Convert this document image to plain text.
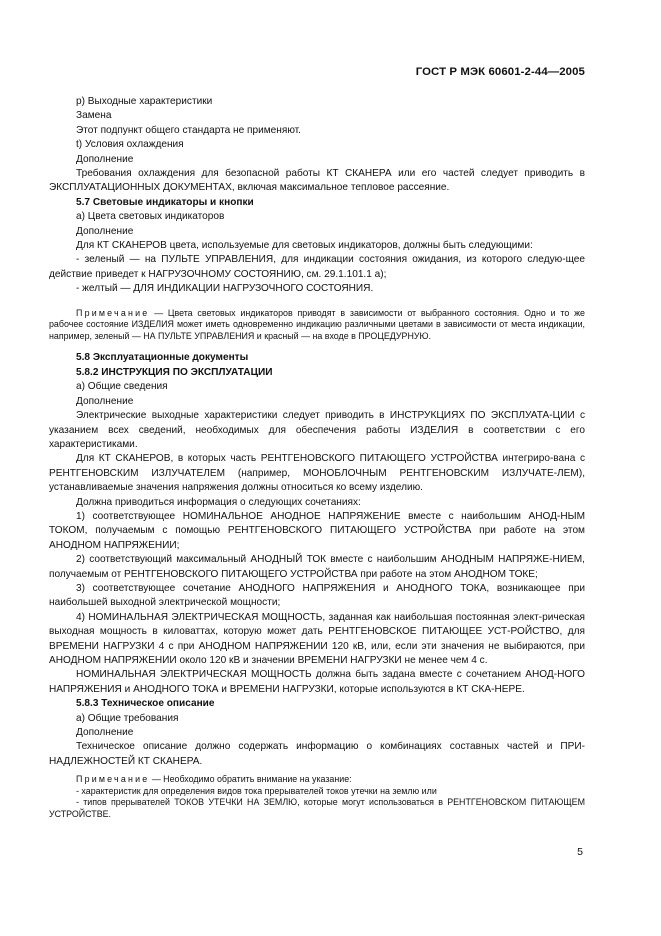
ГОСТ Р МЭК 60601-2-44—2005

p) Выходные характеристики

Замена

Этот подпункт общего стандарта не применяют.

t) Условия охлаждения

Дополнение

Требования охлаждения для безопасной работы КТ СКАНЕРА или его частей следует приводить в ЭКСПЛУАТАЦИОННЫХ ДОКУМЕНТАХ, включая максимальное тепловое рассеяние.

5.7 Световые индикаторы и кнопки

а) Цвета световых индикаторов

Дополнение

Для КТ СКАНЕРОВ цвета, используемые для световых индикаторов, должны быть следующими:

- зеленый — на ПУЛЬТЕ УПРАВЛЕНИЯ, для индикации состояния ожидания, из которого следую-щее действие приведет к НАГРУЗОЧНОМУ СОСТОЯНИЮ, см. 29.1.101.1 а);

- желтый — ДЛЯ ИНДИКАЦИИ НАГРУЗОЧНОГО СОСТОЯНИЯ.

Примечание — Цвета световых индикаторов приводят в зависимости от выбранного состояния. Одно и то же рабочее состояние ИЗДЕЛИЯ может иметь одновременно индикацию различными цветами в зависимости от места индикации, например, зеленый — НА ПУЛЬТЕ УПРАВЛЕНИЯ и красный — на входе в ПРОЦЕДУРНУЮ.

5.8 Эксплуатационные документы

5.8.2 ИНСТРУКЦИЯ ПО ЭКСПЛУАТАЦИИ

а) Общие сведения

Дополнение

Электрические выходные характеристики следует приводить в ИНСТРУКЦИЯХ ПО ЭКСПЛУАТА-ЦИИ с указанием всех сведений, необходимых для обеспечения работы ИЗДЕЛИЯ в соответствии с его характеристиками.

Для КТ СКАНЕРОВ, в которых часть РЕНТГЕНОВСКОГО ПИТАЮЩЕГО УСТРОЙСТВА интегриро-вана с РЕНТГЕНОВСКИМ ИЗЛУЧАТЕЛЕМ (например, МОНОБЛОЧНЫМ РЕНТГЕНОВСКИМ ИЗЛУЧАТЕ-ЛЕМ), устанавливаемые значения напряжения должны относиться ко всему изделию.

Должна приводиться информация о следующих сочетаниях:

1) соответствующее НОМИНАЛЬНОЕ АНОДНОЕ НАПРЯЖЕНИЕ вместе с наибольшим АНОД-НЫМ ТОКОМ, получаемым с помощью РЕНТГЕНОВСКОГО ПИТАЮЩЕГО УСТРОЙСТВА при работе на этом АНОДНОМ НАПРЯЖЕНИИ;

2) соответствующий максимальный АНОДНЫЙ ТОК вместе с наибольшим АНОДНЫМ НАПРЯЖЕ-НИЕМ, получаемым от РЕНТГЕНОВСКОГО ПИТАЮЩЕГО УСТРОЙСТВА при работе на этом АНОДНОМ ТОКЕ;

3) соответствующее сочетание АНОДНОГО НАПРЯЖЕНИЯ и АНОДНОГО ТОКА, возникающее при наибольшей выходной электрической мощности;

4) НОМИНАЛЬНАЯ ЭЛЕКТРИЧЕСКАЯ МОЩНОСТЬ, заданная как наибольшая постоянная элект-рическая выходная мощность в киловаттах, которую может дать РЕНТГЕНОВСКОЕ ПИТАЮЩЕЕ УСТ-РОЙСТВО, для ВРЕМЕНИ НАГРУЗКИ 4 с при АНОДНОМ НАПРЯЖЕНИИ 120 кВ, или, если эти значения не выбираются, при АНОДНОМ НАПРЯЖЕНИИ около 120 кВ и значении ВРЕМЕНИ НАГРУЗКИ не менее чем 4 с.

НОМИНАЛЬНАЯ ЭЛЕКТРИЧЕСКАЯ МОЩНОСТЬ должна быть задана вместе с сочетанием АНОД-НОГО НАПРЯЖЕНИЯ и АНОДНОГО ТОКА и ВРЕМЕНИ НАГРУЗКИ, которые используются в КТ СКА-НЕРЕ.

5.8.3 Техническое описание

а) Общие требования

Дополнение

Техническое описание должно содержать информацию о комбинациях составных частей и ПРИ-НАДЛЕЖНОСТЕЙ КТ СКАНЕРА.

Примечание — Необходимо обратить внимание на указание:

- характеристик для определения видов тока прерывателей токов утечки на землю или

- типов прерывателей ТОКОВ УТЕЧКИ НА ЗЕМЛЮ, которые могут использоваться в РЕНТГЕНОВСКОМ ПИТАЮЩЕМ УСТРОЙСТВЕ.

5
